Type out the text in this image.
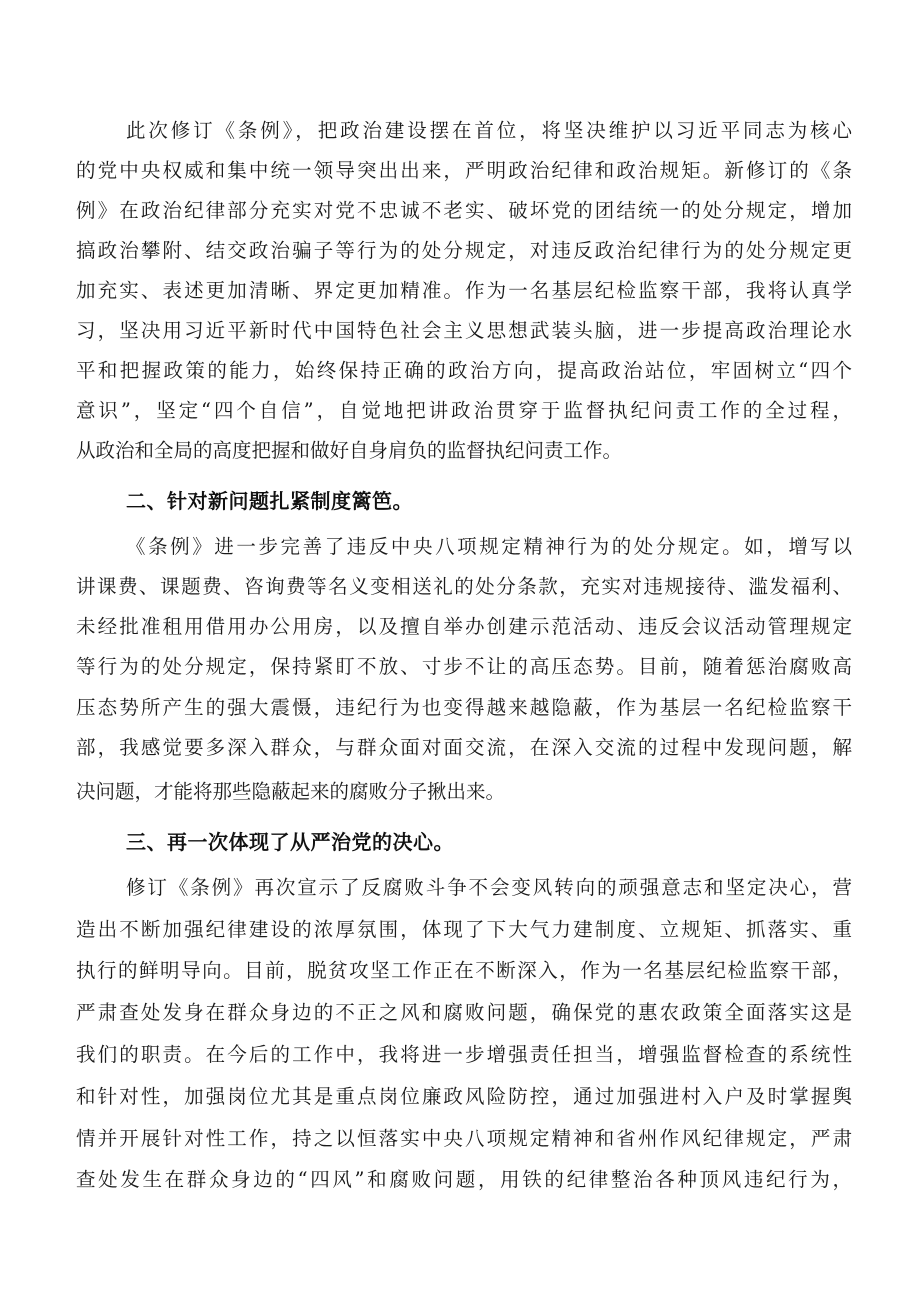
此次修订《条例》，把政治建设摆在首位，将坚决维护以习近平同志为核心
的党中央权威和集中统一领导突出出来，严明政治纪律和政治规矩。新修订的《条
例》在政治纪律部分充实对党不忠诚不老实、破坏党的团结统一的处分规定，增加
搞政治攀附、结交政治骗子等行为的处分规定，对违反政治纪律行为的处分规定更
加充实、表述更加清晰、界定更加精准。作为一名基层纪检监察干部，我将认真学
习，坚决用习近平新时代中国特色社会主义思想武装头脑，进一步提高政治理论水
平和把握政策的能力，始终保持正确的政治方向，提高政治站位，牢固树立“四个
意识”，坚定“四个自信”，自觉地把讲政治贯穿于监督执纪问责工作的全过程，
从政治和全局的高度把握和做好自身肩负的监督执纪问责工作。
二、针对新问题扎紧制度篱笆。
《条例》进一步完善了违反中央八项规定精神行为的处分规定。如，增写以
讲课费、课题费、咨询费等名义变相送礼的处分条款，充实对违规接待、滥发福利、
未经批准租用借用办公用房，以及擅自举办创建示范活动、违反会议活动管理规定
等行为的处分规定，保持紧盯不放、寸步不让的高压态势。目前，随着惩治腐败高
压态势所产生的强大震慑，违纪行为也变得越来越隐蔽，作为基层一名纪检监察干
部，我感觉要多深入群众，与群众面对面交流，在深入交流的过程中发现问题，解
决问题，才能将那些隐蔽起来的腐败分子揪出来。
三、再一次体现了从严治党的决心。
修订《条例》再次宣示了反腐败斗争不会变风转向的顽强意志和坚定决心，营
造出不断加强纪律建设的浓厚氛围，体现了下大气力建制度、立规矩、抓落实、重
执行的鲜明导向。目前，脱贫攻坚工作正在不断深入，作为一名基层纪检监察干部，
严肃查处发身在群众身边的不正之风和腐败问题，确保党的惠农政策全面落实这是
我们的职责。在今后的工作中，我将进一步增强责任担当，增强监督检查的系统性
和针对性，加强岗位尤其是重点岗位廉政风险防控，通过加强进村入户及时掌握舆
情并开展针对性工作，持之以恒落实中央八项规定精神和省州作风纪律规定，严肃
查处发生在群众身边的“四风”和腐败问题，用铁的纪律整治各种顶风违纪行为，
